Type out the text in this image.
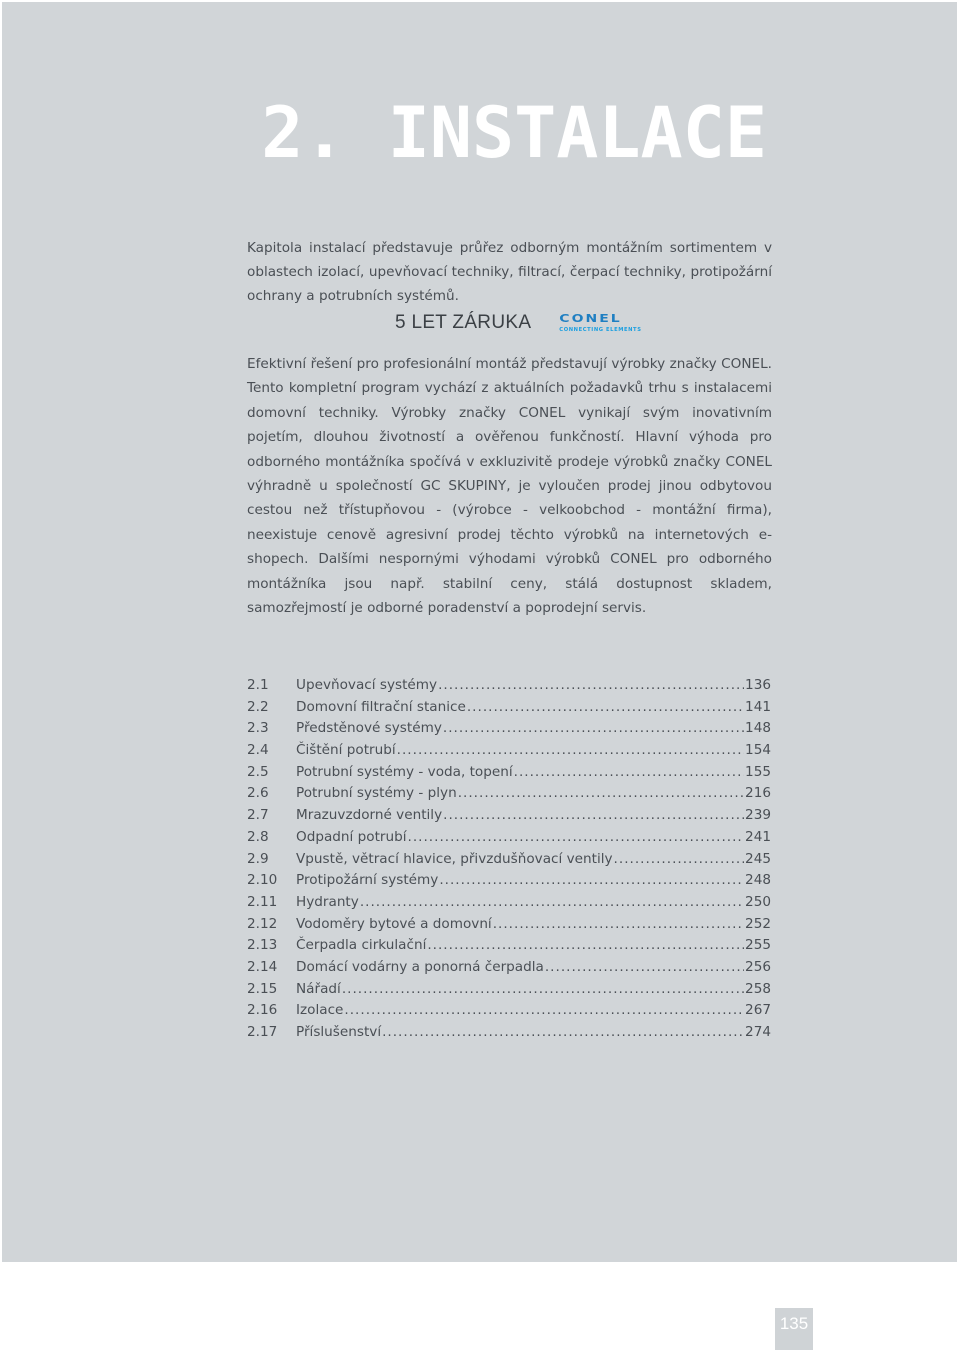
2. INSTALACE

Kapitola instalací představuje průřez odborným montážním sortimentem v oblastech izolací, upevňovací techniky, filtrací, čerpací techniky, protipožární ochrany a potrubních systémů.

5 LET ZÁRUKA CONEL
CONNECTING ELEMENTS

Efektivní řešení pro profesionální montáž představují výrobky značky CONEL. Tento kompletní program vychází z aktuálních požadavků trhu s instalacemi domovní techniky. Výrobky značky CONEL vynikají svým inovativním pojetím, dlouhou životností a ověřenou funkčností. Hlavní výhoda pro odborného montážníka spočívá v exkluzivitě prodeje výrobků značky CONEL výhradně u společností GC SKUPINY, je vyloučen prodej jinou odbytovou cestou než třístupňovou - (výrobce - velkoobchod - montážní firma), neexistuje cenově agresivní prodej těchto výrobků na internetových e-shopech. Dalšími nespornými výhodami výrobků CONEL pro odborného montážníka jsou např. stabilní ceny, stálá dostupnost skladem, samozřejmostí je odborné poradenství a poprodejní servis.

2.1	Upevňovací systémy .....	136
2.2	Domovní filtrační stanice .....	141
2.3	Předstěnové systémy .....	148
2.4	Čištění potrubí .....	154
2.5	Potrubní systémy - voda, topení .....	155
2.6	Potrubní systémy - plyn .....	216
2.7	Mrazuvzdorné ventily .....	239
2.8	Odpadní potrubí .....	241
2.9	Vpustě, větrací hlavice, přivzdušňovací ventily .....	245
2.10	Protipožární systémy .....	248
2.11	Hydranty .....	250
2.12	Vodoměry bytové a domovní .....	252
2.13	Čerpadla cirkulační .....	255
2.14	Domácí vodárny a ponorná čerpadla .....	256
2.15	Nářadí .....	258
2.16	Izolace .....	267
2.17	Příslušenství .....	274
135
